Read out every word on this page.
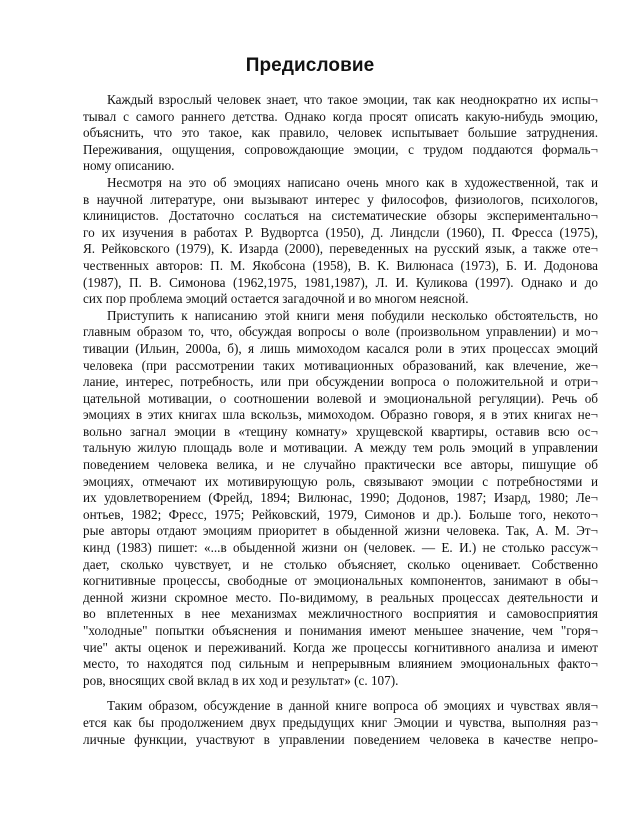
Предисловие
Каждый взрослый человек знает, что такое эмоции, так как неоднократно их испы¬
тывал с самого раннего детства. Однако когда просят описать какую-нибудь эмоцию,
объяснить, что это такое, как правило, человек испытывает большие затруднения.
Переживания, ощущения, сопровождающие эмоции, с трудом поддаются формаль¬
ному описанию.
Несмотря на это об эмоциях написано очень много как в художественной, так и
в научной литературе, они вызывают интерес у философов, физиологов, психологов,
клиницистов. Достаточно сослаться на систематические обзоры экспериментально¬
го их изучения в работах Р. Вудвортса (1950), Д. Линдсли (1960), П. Фресса (1975),
Я. Рейковского (1979), К. Изарда (2000), переведенных на русский язык, а также оте¬
чественных авторов: П. М. Якобсона (1958), В. К. Вилюнаса (1973), Б. И. Додонова
(1987), П. В. Симонова (1962,1975, 1981,1987), Л. И. Куликова (1997). Однако и до
сих пор проблема эмоций остается загадочной и во многом неясной.
Приступить к написанию этой книги меня побудили несколько обстоятельств, но
главным образом то, что, обсуждая вопросы о воле (произвольном управлении) и мо¬
тивации (Ильин, 2000а, б), я лишь мимоходом касался роли в этих процессах эмоций
человека (при рассмотрении таких мотивационных образований, как влечение, же¬
лание, интерес, потребность, или при обсуждении вопроса о положительной и отри¬
цательной мотивации, о соотношении волевой и эмоциональной регуляции). Речь об
эмоциях в этих книгах шла вскользь, мимоходом. Образно говоря, я в этих книгах не¬
вольно загнал эмоции в «тещину комнату» хрущевской квартиры, оставив всю ос¬
тальную жилую площадь воле и мотивации. А между тем роль эмоций в управлении
поведением человека велика, и не случайно практически все авторы, пишущие об
эмоциях, отмечают их мотивирующую роль, связывают эмоции с потребностями и
их удовлетворением (Фрейд, 1894; Вилюнас, 1990; Додонов, 1987; Изард, 1980; Ле¬
онтьев, 1982; Фресс, 1975; Рейковский, 1979, Симонов и др.). Больше того, некото¬
рые авторы отдают эмоциям приоритет в обыденной жизни человека. Так, А. М. Эт¬
кинд (1983) пишет: «...в обыденной жизни он (человек. — Е. И.) не столько рассуж¬
дает, сколько чувствует, и не столько объясняет, сколько оценивает. Собственно
когнитивные процессы, свободные от эмоциональных компонентов, занимают в обы¬
денной жизни скромное место. По-видимому, в реальных процессах деятельности и
во вплетенных в нее механизмах межличностного восприятия и самовосприятия
"холодные" попытки объяснения и понимания имеют меньшее значение, чем "горя¬
чие" акты оценок и переживаний. Когда же процессы когнитивного анализа и имеют
место, то находятся под сильным и непрерывным влиянием эмоциональных факто¬
ров, вносящих свой вклад в их ход и результат» (с. 107).
Таким образом, обсуждение в данной книге вопроса об эмоциях и чувствах явля¬
ется как бы продолжением двух предыдущих книг Эмоции и чувства, выполняя раз¬
личные функции, участвуют в управлении поведением человека в качестве непро-
